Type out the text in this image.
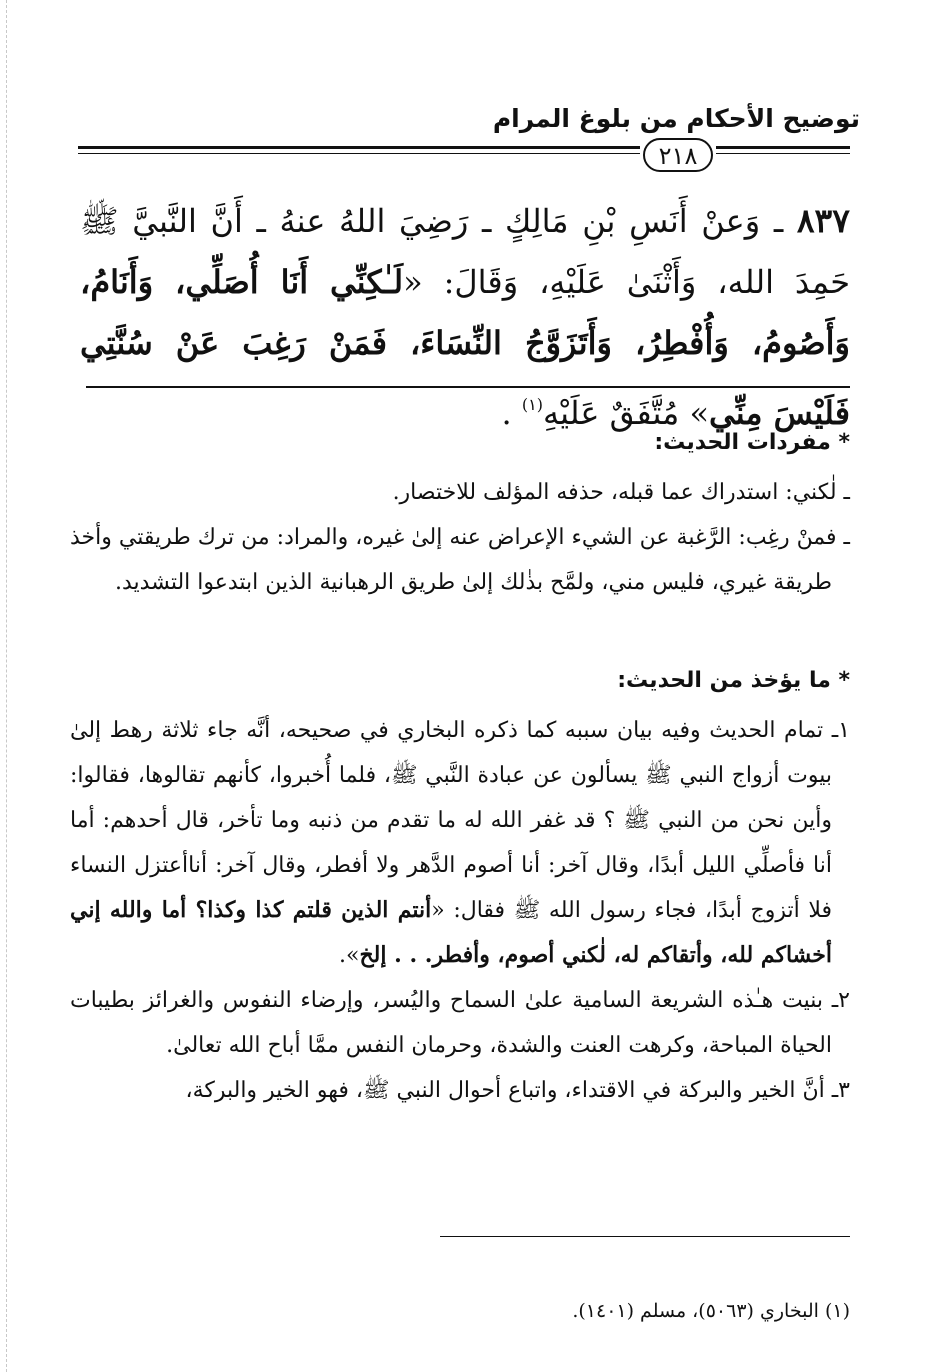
توضيح الأحكام من بلوغ المرام
٢١٨

٨٣٧ ـ وَعنْ أَنَسِ بْنِ مَالِكٍ ـ رَضِيَ اللهُ عنهُ ـ أَنَّ النَّبيَّ ﷺ حَمِدَ الله، وَأَثْنَىٰ عَلَيْهِ، وَقَالَ: «لَـٰكِنِّي أَنَا أُصَلِّي، وَأَنَامُ، وَأَصُومُ، وَأُفْطِرُ، وَأَتَزَوَّجُ النِّسَاءَ، فَمَنْ رَغِبَ عَنْ سُنَّتِي فَلَيْسَ مِنِّي» مُتَّفَقٌ عَلَيْهِ$^{(١)}$ .

* مفردات الحديث:
ـ لٰكني: استدراك عما قبله، حذفه المؤلف للاختصار.
ـ فمنْ رغِب: الرَّغبة عن الشيء الإعراض عنه إلىٰ غيره، والمراد: من ترك طريقتي وأخذ طريقة غيري، فليس مني، ولمَّح بذٰلك إلىٰ طريق الرهبانية الذين ابتدعوا التشديد.
* ما يؤخذ من الحديث:
١ـ تمام الحديث وفيه بيان سببه كما ذكره البخاري في صحيحه، أنَّه جاء ثلاثة رهط إلىٰ بيوت أزواج النبي ﷺ يسألون عن عبادة النَّبي ﷺ، فلما أُخبروا، كأنهم تقالوها، فقالوا: وأين نحن من النبي ﷺ ؟ قد غفر الله له ما تقدم من ذنبه وما تأخر، قال أحدهم: أما أنا فأصلِّي الليل أبدًا، وقال آخر: أنا أصوم الدَّهر ولا أفطر، وقال آخر: أناأعتزل النساء فلا أتزوج أبدًا، فجاء رسول الله ﷺ فقال: «أنتم الذين قلتم كذا وكذا؟ أما والله إني أخشاكم لله، وأتقاكم له، لٰكني أصوم، وأفطر. . . إلخ».
٢ـ بنيت هـٰذه الشريعة السامية علىٰ السماح واليُسر، وإرضاء النفوس والغرائز بطيبات الحياة المباحة، وكرهت العنت والشدة، وحرمان النفس ممَّا أباح الله تعالىٰ.
٣ـ أنَّ الخير والبركة في الاقتداء، واتباع أحوال النبي ﷺ، فهو الخير والبركة،
(١) البخاري (٥٠٦٣)، مسلم (١٤٠١).
